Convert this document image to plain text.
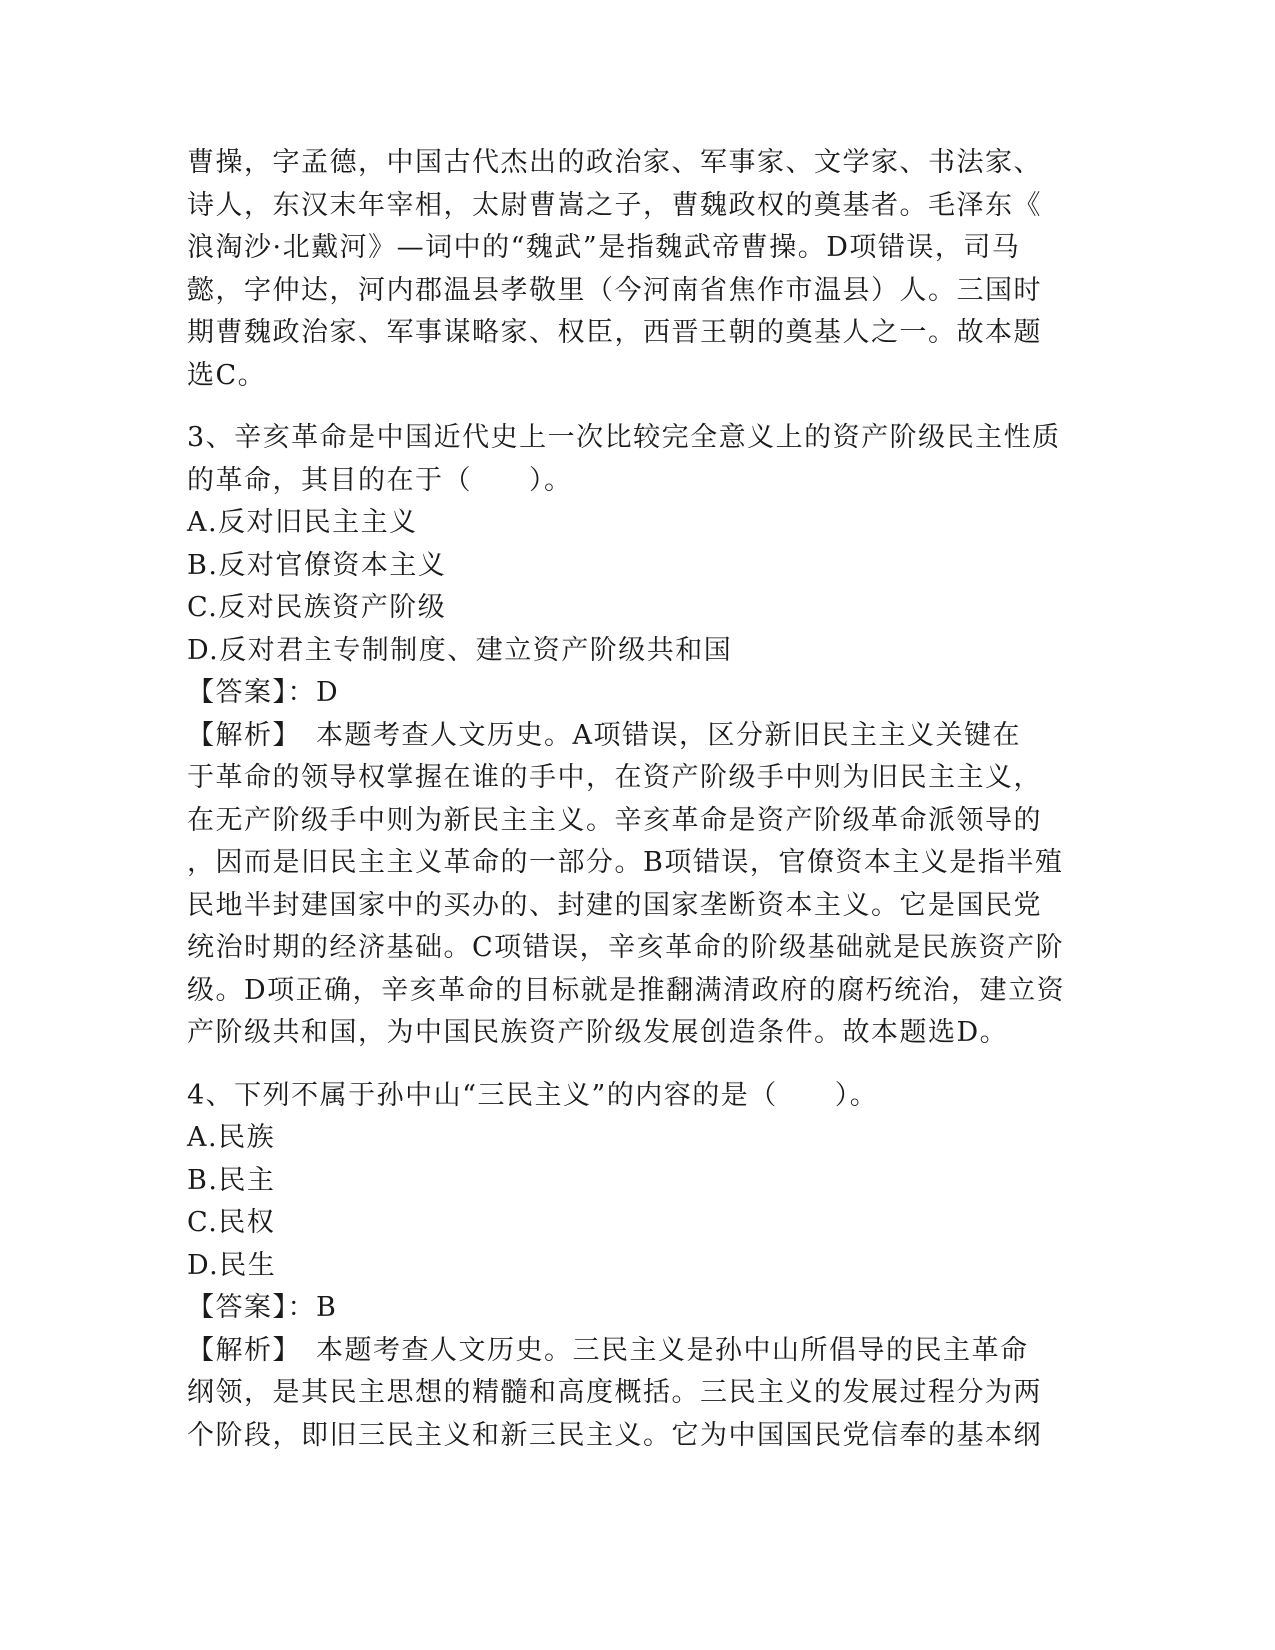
曹操，字孟德，中国古代杰出的政治家、军事家、文学家、书法家、

诗人，东汉末年宰相，太尉曹嵩之子，曹魏政权的奠基者。毛泽东《

浪淘沙·北戴河》—词中的“魏武”是指魏武帝曹操。D项错误，司马

懿，字仲达，河内郡温县孝敬里（今河南省焦作市温县）人。三国时

期曹魏政治家、军事谋略家、权臣，西晋王朝的奠基人之一。故本题

选C。

3、辛亥革命是中国近代史上一次比较完全意义上的资产阶级民主性质

的革命，其目的在于（　　）。

A.反对旧民主主义

B.反对官僚资本主义

C.反对民族资产阶级

D.反对君主专制制度、建立资产阶级共和国

【答案】：D

【解析】　本题考查人文历史。A项错误，区分新旧民主主义关键在

于革命的领导权掌握在谁的手中，在资产阶级手中则为旧民主主义，

在无产阶级手中则为新民主主义。辛亥革命是资产阶级革命派领导的

，因而是旧民主主义革命的一部分。B项错误，官僚资本主义是指半殖

民地半封建国家中的买办的、封建的国家垄断资本主义。它是国民党

统治时期的经济基础。C项错误，辛亥革命的阶级基础就是民族资产阶

级。D项正确，辛亥革命的目标就是推翻满清政府的腐朽统治，建立资

产阶级共和国，为中国民族资产阶级发展创造条件。故本题选D。

4、下列不属于孙中山“三民主义”的内容的是（　　）。

A.民族

B.民主

C.民权

D.民生

【答案】：B

【解析】　本题考查人文历史。三民主义是孙中山所倡导的民主革命

纲领，是其民主思想的精髓和高度概括。三民主义的发展过程分为两

个阶段，即旧三民主义和新三民主义。它为中国国民党信奉的基本纲
